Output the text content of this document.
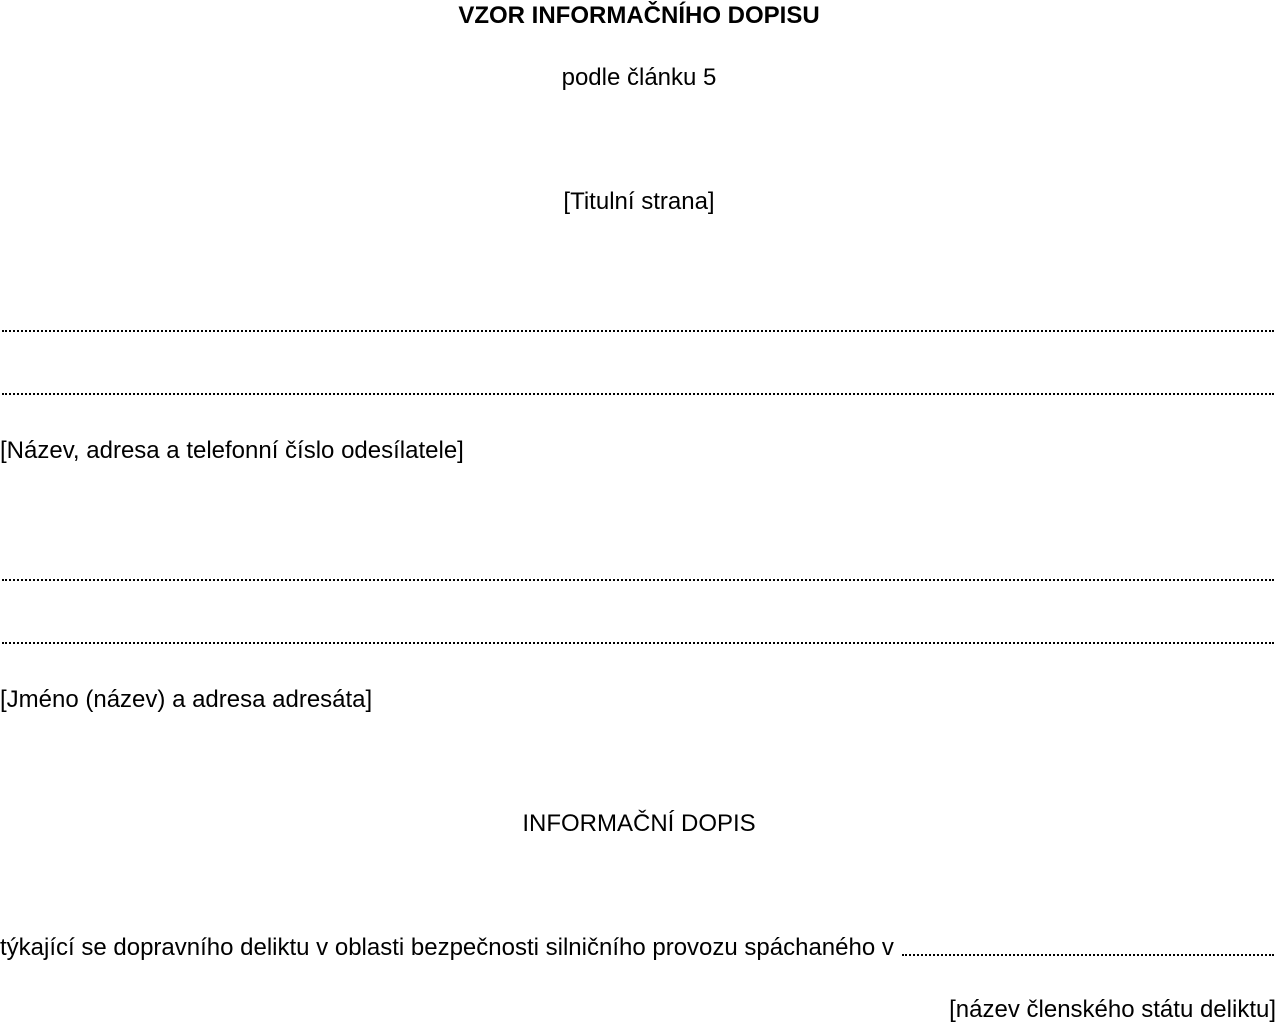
VZOR INFORMAČNÍHO DOPISU
podle článku 5
[Titulní strana]
[Název, adresa a telefonní číslo odesílatele]
[Jméno (název) a adresa adresáta]
INFORMAČNÍ DOPIS
týkající se dopravního deliktu v oblasti bezpečnosti silničního provozu spáchaného v
[název členského státu deliktu]
